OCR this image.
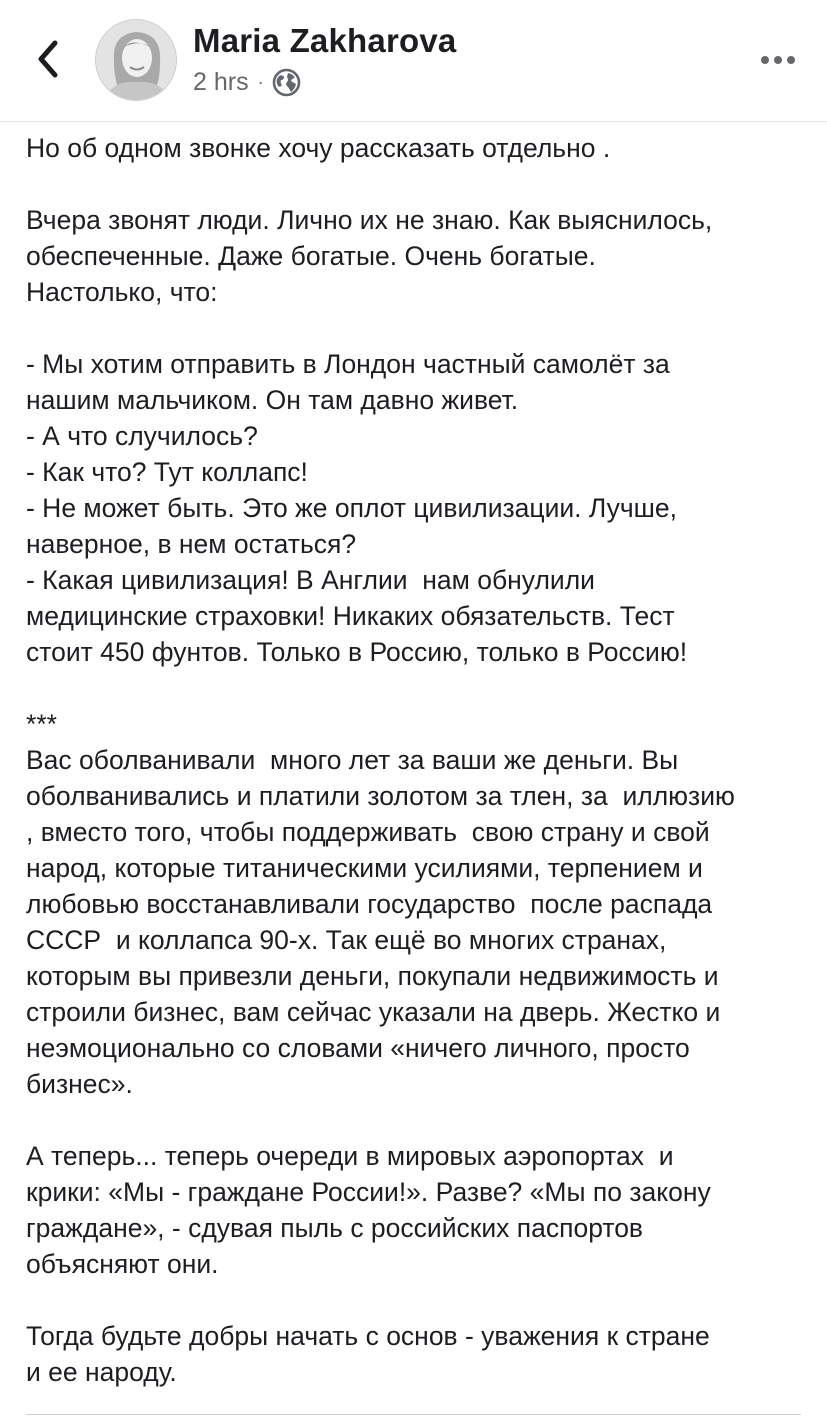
Maria Zakharova
2 hrs ·

Но об одном звонке хочу рассказать отдельно .

Вчера звонят люди. Лично их не знаю. Как выяснилось,

обеспеченные. Даже богатые. Очень богатые.

Настолько, что:

- Мы хотим отправить в Лондон частный самолёт за

нашим мальчиком. Он там давно живет.

- А что случилось?

- Как что? Тут коллапс!

- Не может быть. Это же оплот цивилизации. Лучше,

наверное, в нем остаться?

- Какая цивилизация! В Англии  нам обнулили

медицинские страховки! Никаких обязательств. Тест

стоит 450 фунтов. Только в Россию, только в Россию!

***

Вас оболванивали  много лет за ваши же деньги. Вы

оболванивались и платили золотом за тлен, за  иллюзию

, вместо того, чтобы поддерживать  свою страну и свой

народ, которые титаническими усилиями, терпением и

любовью восстанавливали государство  после распада

СССР  и коллапса 90-х. Так ещё во многих странах,

которым вы привезли деньги, покупали недвижимость и

строили бизнес, вам сейчас указали на дверь. Жестко и

неэмоционально со словами «ничего личного, просто

бизнес».

А теперь... теперь очереди в мировых аэропортах  и

крики: «Мы - граждане России!». Разве? «Мы по закону

граждане», - сдувая пыль с российских паспортов

объясняют они.

Тогда будьте добры начать с основ - уважения к стране

и ее народу.
